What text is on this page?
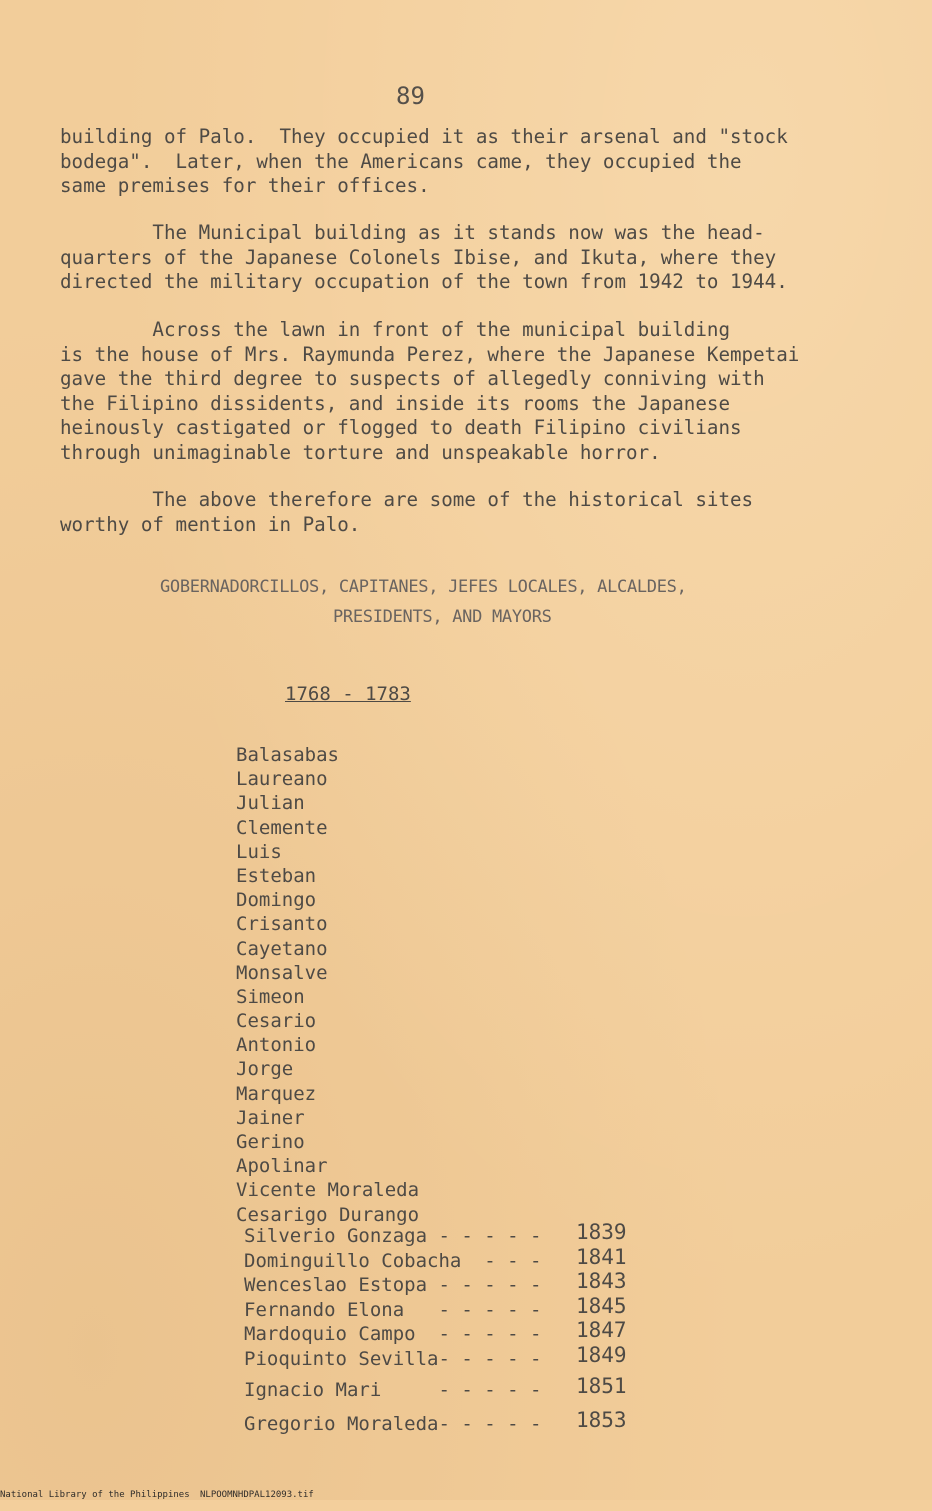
89

building of Palo.  They occupied it as their arsenal and "stock
bodega".  Later, when the Americans came, they occupied the
same premises for their offices.

The Municipal building as it stands now was the head-
quarters of the Japanese Colonels Ibise, and Ikuta, where they
directed the military occupation of the town from 1942 to 1944.

Across the lawn in front of the municipal building
is the house of Mrs. Raymunda Perez, where the Japanese Kempetai
gave the third degree to suspects of allegedly conniving with
the Filipino dissidents, and inside its rooms the Japanese
heinously castigated or flogged to death Filipino civilians
through unimaginable torture and unspeakable horror.

The above therefore are some of the historical sites
worthy of mention in Palo.

GOBERNADORCILLOS, CAPITANES, JEFES LOCALES, ALCALDES,
PRESIDENTS, AND MAYORS
1768 - 1783
Balasabas
Laureano
Julian
Clemente
Luis
Esteban
Domingo
Crisanto
Cayetano
Monsalve
Simeon
Cesario
Antonio
Jorge
Marquez
Jainer
Gerino
Apolinar
Vicente Moraleda
Cesarigo Durango

Silverio Gonzaga - - - - -

1839

Dominguillo Cobacha  - - -

1841

Wenceslao Estopa - - - - -

1843

Fernando Elona   - - - - -

1845

Mardoquio Campo  - - - - -

1847

Pioquinto Sevilla- - - - -

1849

Ignacio Mari     - - - - -

1851

Gregorio Moraleda- - - - -

1853

National Library of the Philippines NLPOOMNHDPAL12093.tif
